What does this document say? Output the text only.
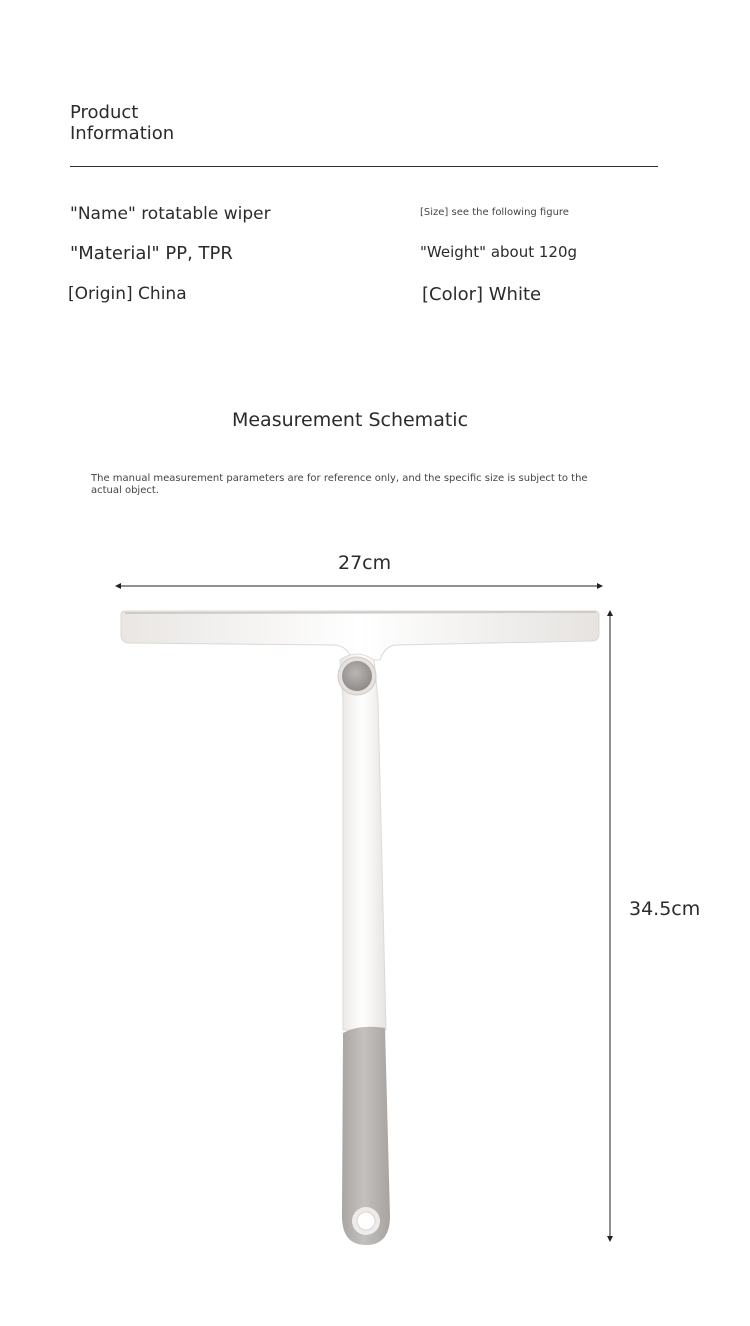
Product
Information
"Name" rotatable wiper	[Size] see the following figure
"Material" PP, TPR	"Weight" about 120g
[Origin] China	[Color] White
Measurement Schematic
The manual measurement parameters are for reference only, and the specific size is subject to the actual object.
27cm
34.5cm
